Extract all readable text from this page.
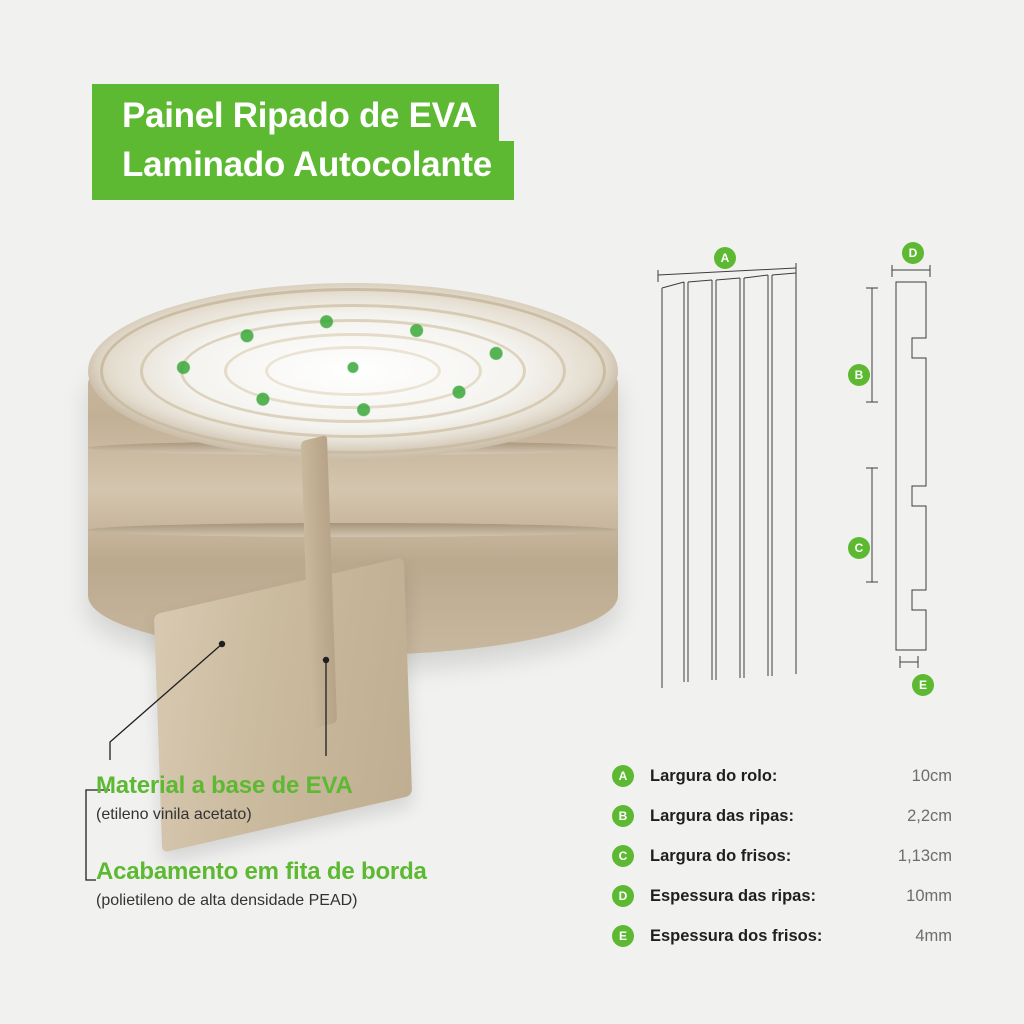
Painel Ripado de EVA
Laminado Autocolante
A	D
B
C
E

Material a base de EVA

(etileno vinila acetato)

Acabamento em fita de borda

(polietileno de alta densidade PEAD)

A	Largura do rolo:	10cm
B	Largura das ripas:	2,2cm
C	Largura do frisos:	1,13cm
D	Espessura das ripas:	10mm
E	Espessura dos frisos:	4mm
